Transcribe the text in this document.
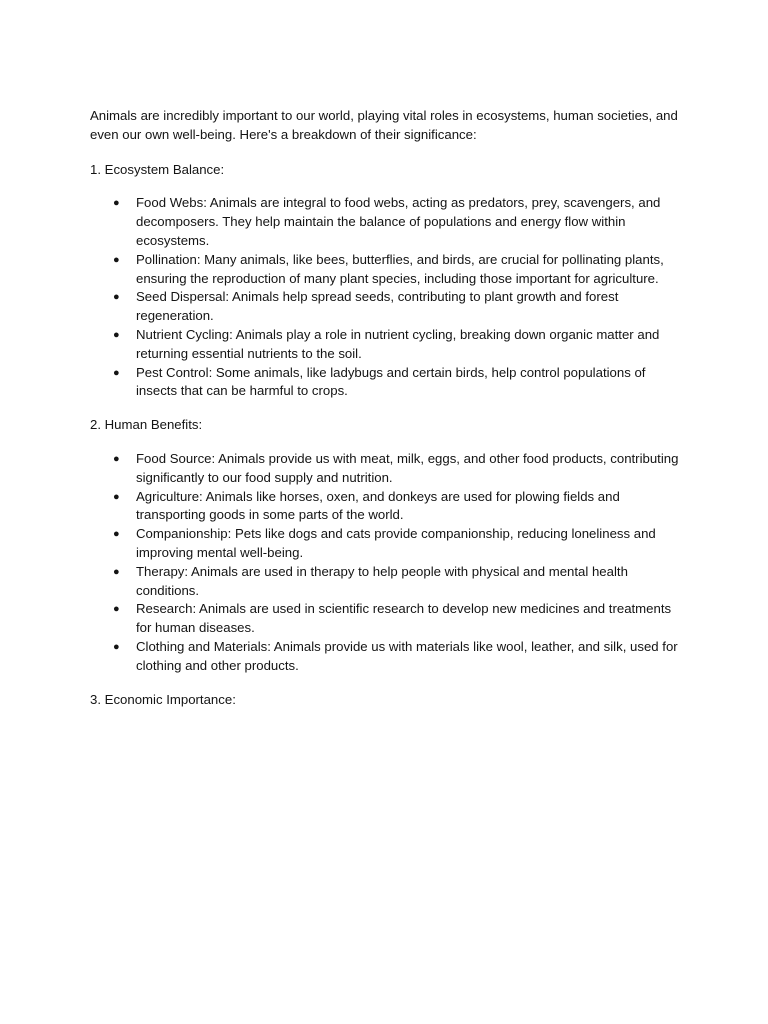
Animals are incredibly important to our world, playing vital roles in ecosystems, human societies, and even our own well-being. Here's a breakdown of their significance:

1. Ecosystem Balance:

● Food Webs: Animals are integral to food webs, acting as predators, prey, scavengers, and decomposers. They help maintain the balance of populations and energy flow within ecosystems.
● Pollination: Many animals, like bees, butterflies, and birds, are crucial for pollinating plants, ensuring the reproduction of many plant species, including those important for agriculture.
● Seed Dispersal: Animals help spread seeds, contributing to plant growth and forest regeneration.
● Nutrient Cycling: Animals play a role in nutrient cycling, breaking down organic matter and returning essential nutrients to the soil.
● Pest Control: Some animals, like ladybugs and certain birds, help control populations of insects that can be harmful to crops.

2. Human Benefits:

● Food Source: Animals provide us with meat, milk, eggs, and other food products, contributing significantly to our food supply and nutrition.
● Agriculture: Animals like horses, oxen, and donkeys are used for plowing fields and transporting goods in some parts of the world.
● Companionship: Pets like dogs and cats provide companionship, reducing loneliness and improving mental well-being.
● Therapy: Animals are used in therapy to help people with physical and mental health conditions.
● Research: Animals are used in scientific research to develop new medicines and treatments for human diseases.
● Clothing and Materials: Animals provide us with materials like wool, leather, and silk, used for clothing and other products.

3. Economic Importance:
